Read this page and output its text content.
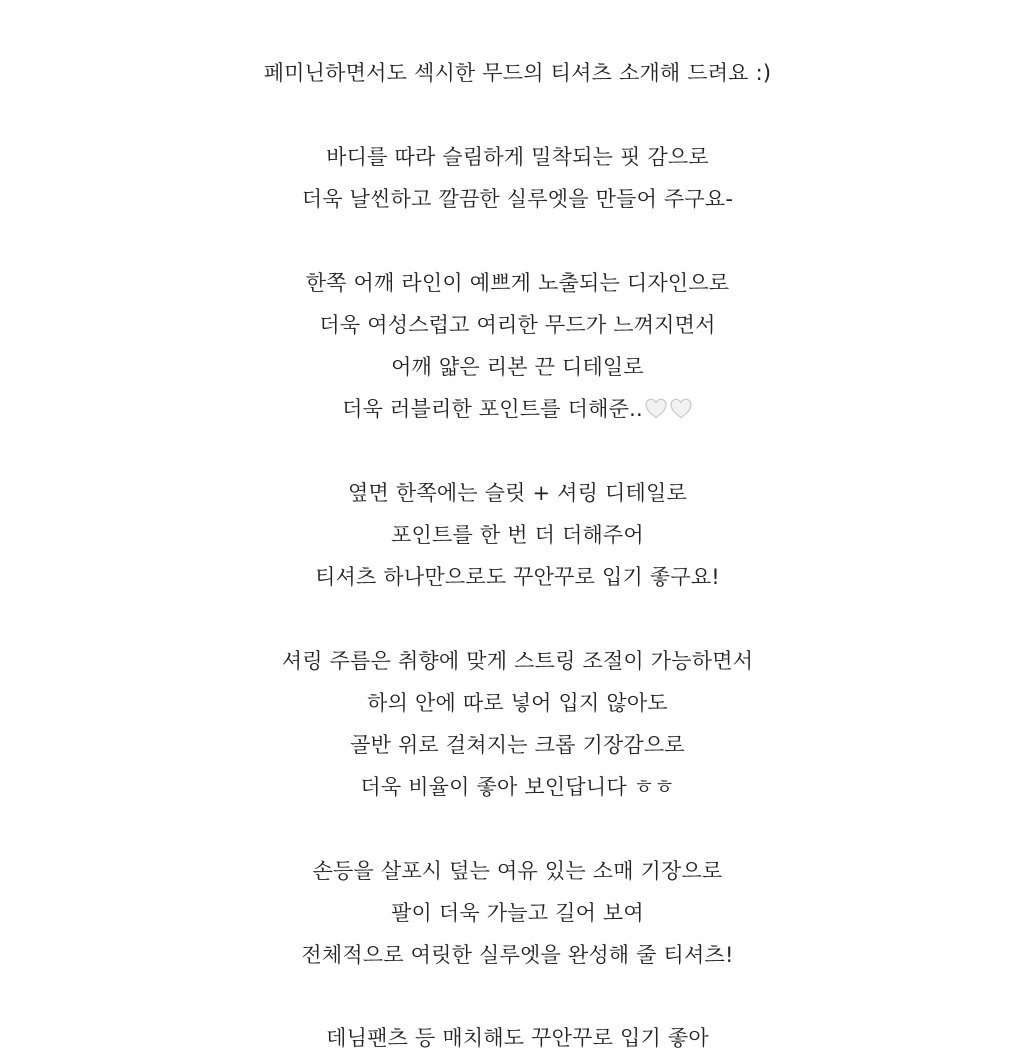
페미닌하면서도 섹시한 무드의 티셔츠 소개해 드려요 :)
바디를 따라 슬림하게 밀착되는 핏 감으로
더욱 날씬하고 깔끔한 실루엣을 만들어 주구요-
한쪽 어깨 라인이 예쁘게 노출되는 디자인으로
더욱 여성스럽고 여리한 무드가 느껴지면서
어깨 얇은 리본 끈 디테일로
더욱 러블리한 포인트를 더해준..
옆면 한쪽에는 슬릿 + 셔링 디테일로
포인트를 한 번 더 더해주어
티셔츠 하나만으로도 꾸안꾸로 입기 좋구요!
셔링 주름은 취향에 맞게 스트링 조절이 가능하면서
하의 안에 따로 넣어 입지 않아도
골반 위로 걸쳐지는 크롭 기장감으로
더욱 비율이 좋아 보인답니다 ㅎㅎ
손등을 살포시 덮는 여유 있는 소매 기장으로
팔이 더욱 가늘고 길어 보여
전체적으로 여릿한 실루엣을 완성해 줄 티셔츠!
데님팬츠 등 매치해도 꾸안꾸로 입기 좋아
